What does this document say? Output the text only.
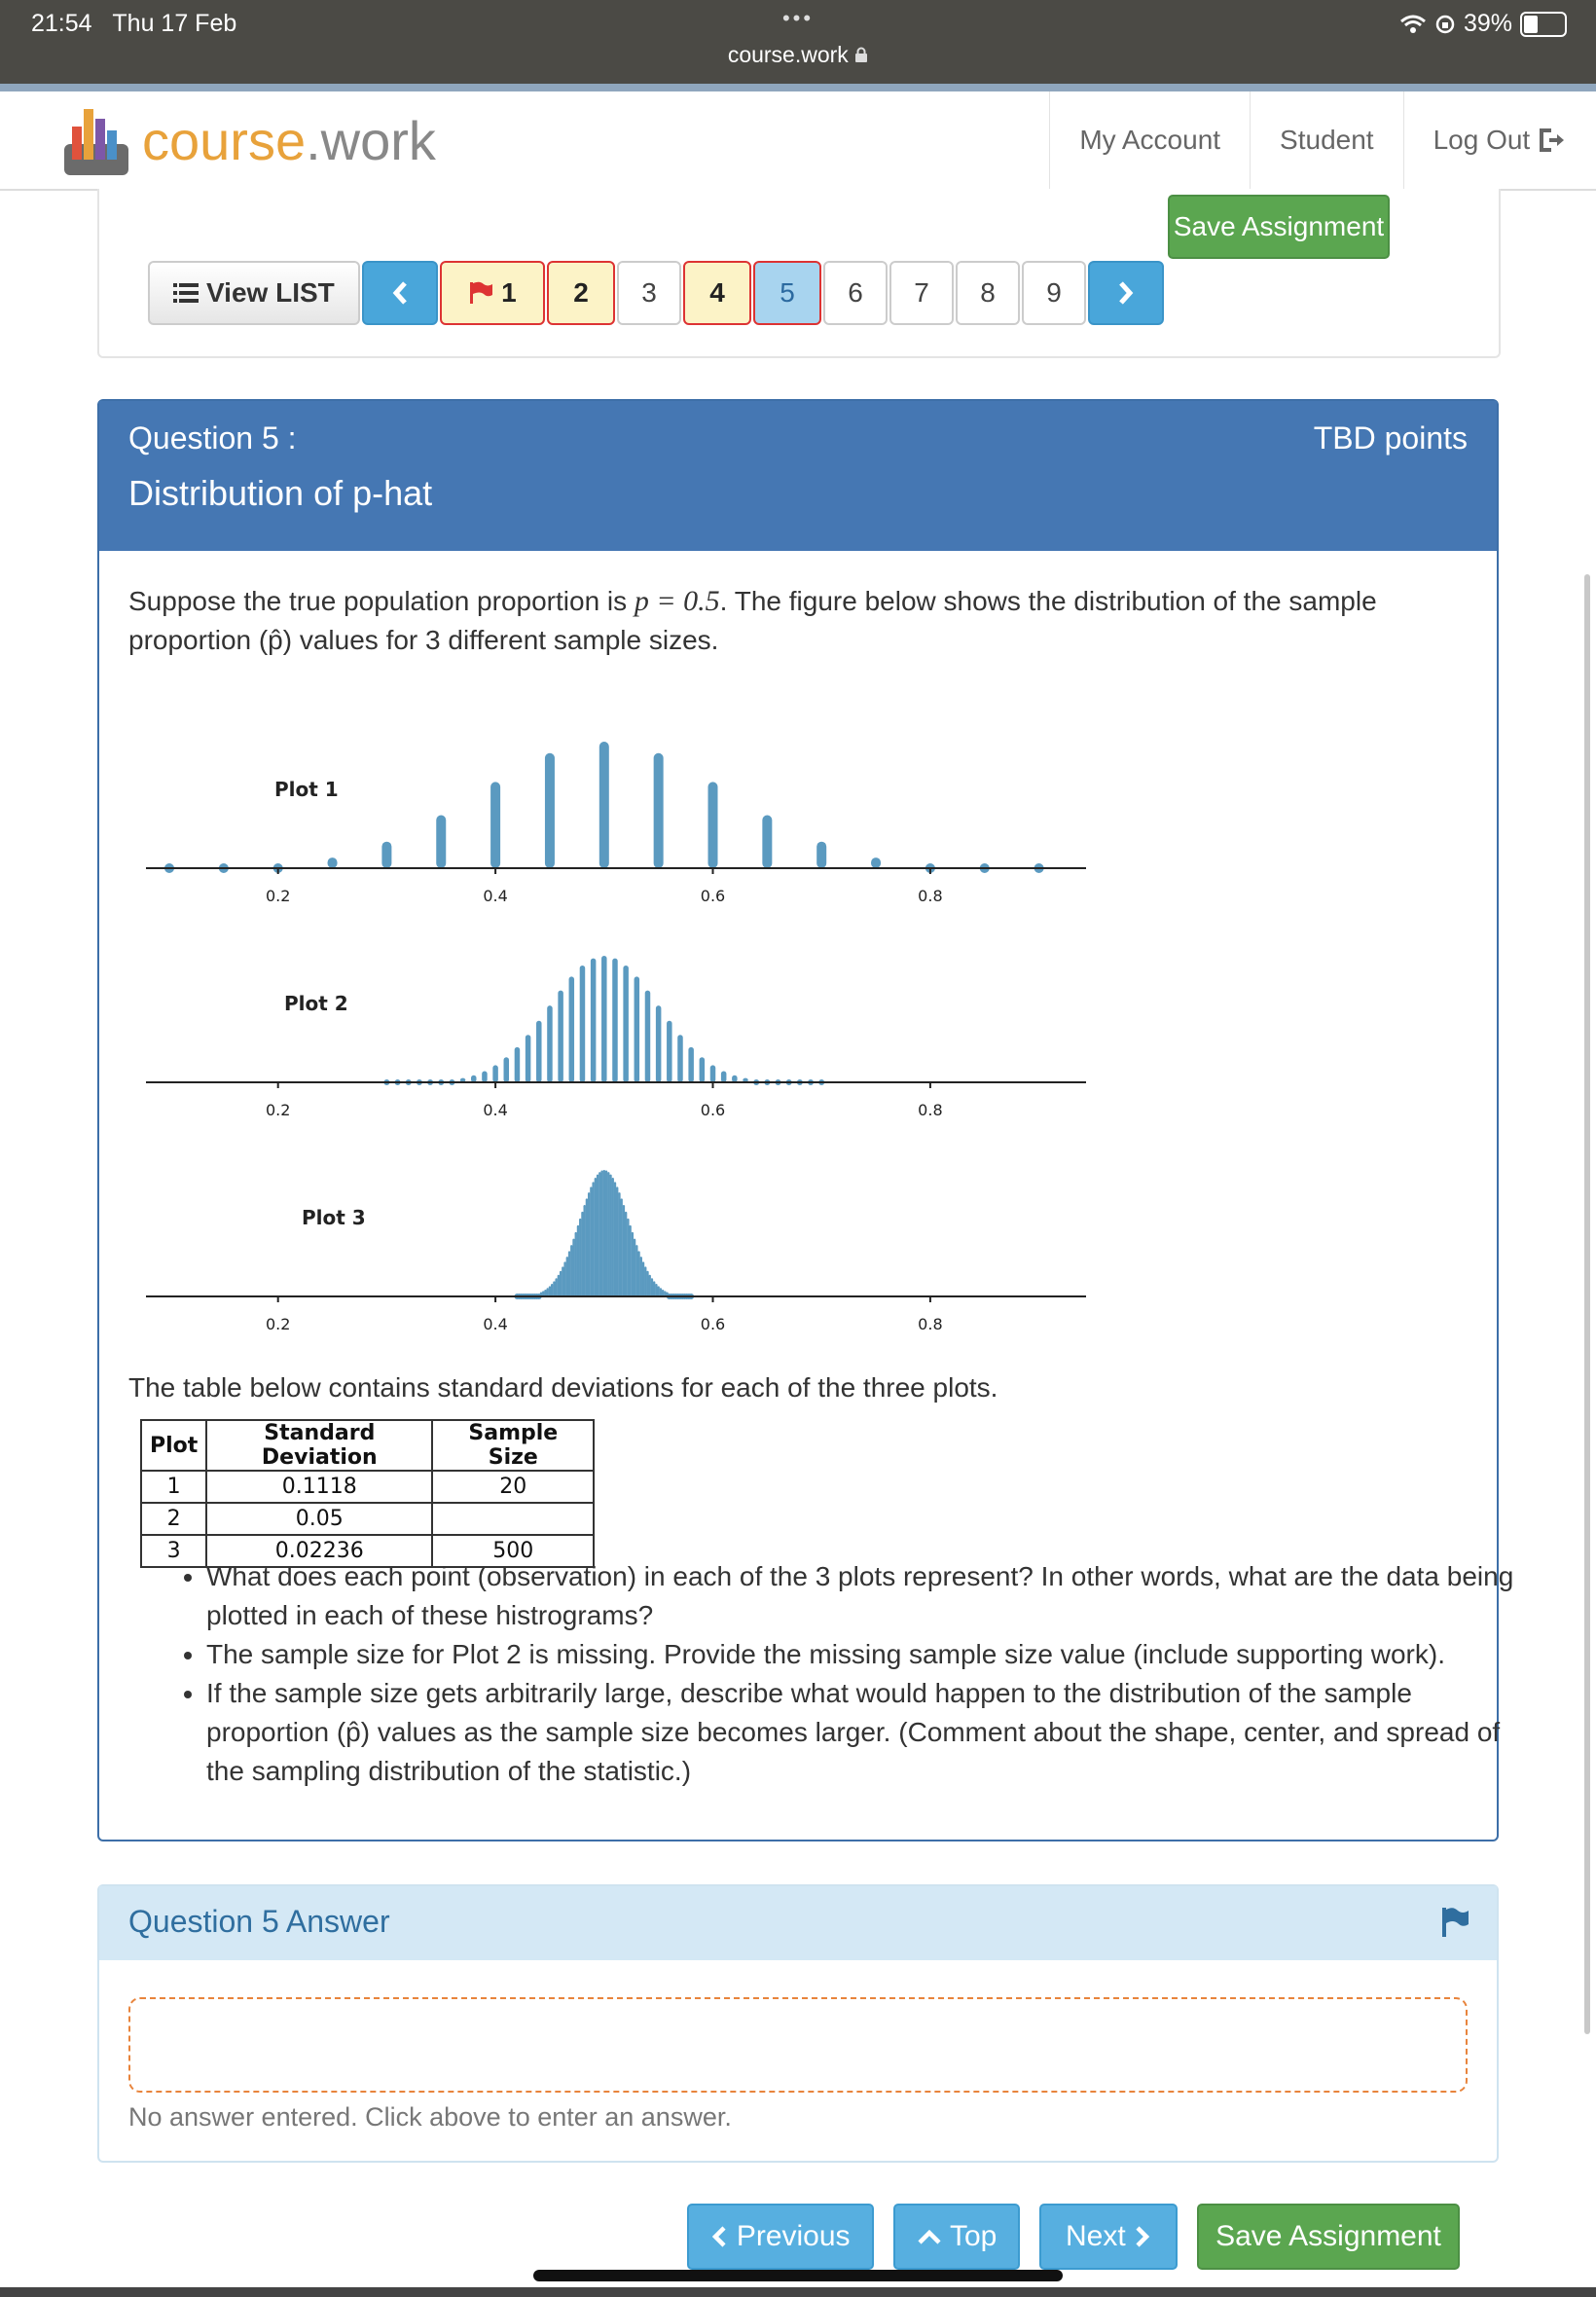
21:54 Thu 17 Feb	•••
course.work
39%
course.work	My Account	Student	Log Out

Save Assignment

View LIST
	1	2	3	4	5	6	7	8	9
Question 5 :
Distribution of p-hat
TBD points
Suppose the true population proportion is p = 0.5. The figure below shows the distribution of the sample proportion (p̂) values for 3 different sample sizes.
Plot 1
0.2	0.4	0.6	0.8
Plot 2
0.2	0.4	0.6	0.8
Plot 3
0.2	0.4	0.6	0.8
The table below contains standard deviations for each of the three plots.
Plot	Standard Deviation	Sample Size
1	0.1118	20
2	0.05	
3	0.02236	500
• What does each point (observation) in each of the 3 plots represent? In other words, what are the data being plotted in each of these histrograms?
• The sample size for Plot 2 is missing. Provide the missing sample size value (include supporting work).
• If the sample size gets arbitrarily large, describe what would happen to the distribution of the sample proportion (p̂) values as the sample size becomes larger. (Comment about the shape, center, and spread of the sampling distribution of the statistic.)
Question 5 Answer
No answer entered. Click above to enter an answer.

Previous
	Top Next
	Save Assignment
